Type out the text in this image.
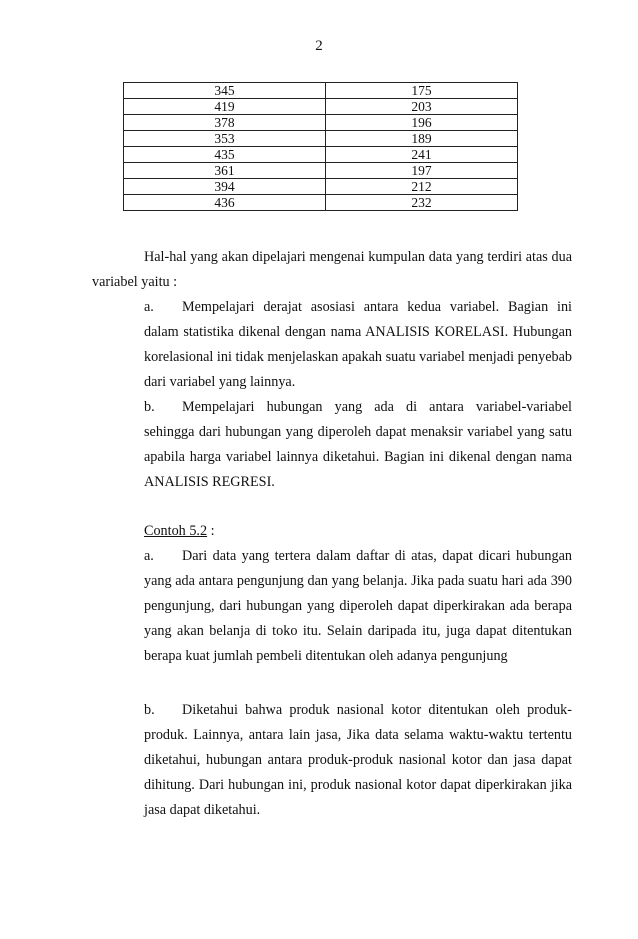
2
345	175
419	203
378	196
353	189
435	241
361	197
394	212
436	232

Hal-hal yang akan dipelajari mengenai kumpulan data yang terdiri atas dua variabel yaitu :

a. Mempelajari derajat asosiasi antara kedua variabel. Bagian ini dalam statistika dikenal dengan nama ANALISIS KORELASI. Hubungan korelasional ini tidak menjelaskan apakah suatu variabel menjadi penyebab dari variabel yang lainnya.

b. Mempelajari hubungan yang ada di antara variabel-variabel sehingga dari hubungan yang diperoleh dapat menaksir variabel yang satu apabila harga variabel lainnya diketahui. Bagian ini dikenal dengan nama ANALISIS REGRESI.

Contoh 5.2 :

a. Dari data yang tertera dalam daftar di atas, dapat dicari hubungan yang ada antara pengunjung dan yang belanja. Jika pada suatu hari ada 390 pengunjung, dari hubungan yang diperoleh dapat diperkirakan ada berapa yang akan belanja di toko itu. Selain daripada itu, juga dapat ditentukan berapa kuat jumlah pembeli ditentukan oleh adanya pengunjung

b. Diketahui bahwa produk nasional kotor ditentukan oleh produk-produk. Lainnya, antara lain jasa, Jika data selama waktu-waktu tertentu diketahui, hubungan antara produk-produk nasional kotor dan jasa dapat dihitung. Dari hubungan ini, produk nasional kotor dapat diperkirakan jika jasa dapat diketahui.
